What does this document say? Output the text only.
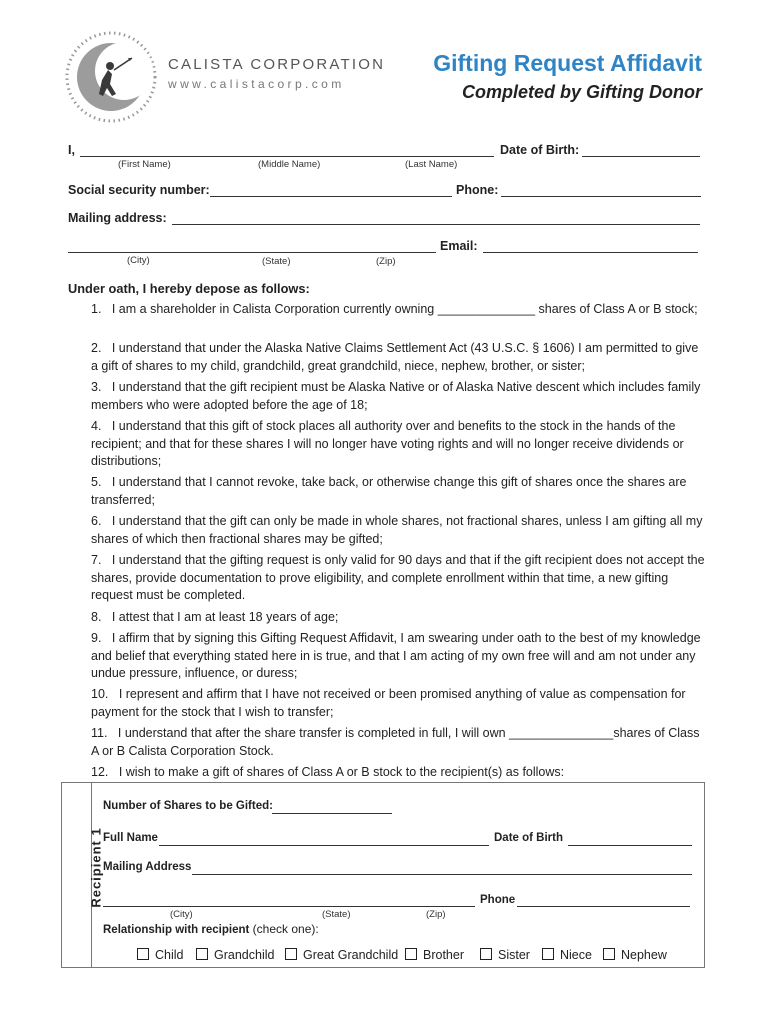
CALISTA CORPORATION
www.calistacorp.com
Gifting Request Affidavit
Completed by Gifting Donor
I,
(First Name)	(Middle Name)	(Last Name)
Date of Birth:
Social security number:	Phone:
Mailing address:
(City)	(State)	(Zip)
Email:
Under oath, I hereby depose as follows:
1. I am a shareholder in Calista Corporation currently owning ______________ shares of Class A or B stock;
2. I understand that under the Alaska Native Claims Settlement Act (43 U.S.C. § 1606) I am permitted to give a gift of shares to my child, grandchild, great grandchild, niece, nephew, brother, or sister;
3. I understand that the gift recipient must be Alaska Native or of Alaska Native descent which includes family members who were adopted before the age of 18;
4. I understand that this gift of stock places all authority over and benefits to the stock in the hands of the recipient; and that for these shares I will no longer have voting rights and will no longer receive dividends or distributions;
5. I understand that I cannot revoke, take back, or otherwise change this gift of shares once the shares are transferred;
6. I understand that the gift can only be made in whole shares, not fractional shares, unless I am gifting all my shares of which then fractional shares may be gifted;
7. I understand that the gifting request is only valid for 90 days and that if the gift recipient does not accept the shares, provide documentation to prove eligibility, and complete enrollment within that time, a new gifting request must be completed.
8. I attest that I am at least 18 years of age;
9. I affirm that by signing this Gifting Request Affidavit, I am swearing under oath to the best of my knowledge and belief that everything stated here in is true, and that I am acting of my own free will and am not under any undue pressure, influence, or duress;
10. I represent and affirm that I have not received or been promised anything of value as compensation for payment for the stock that I wish to transfer;
11. I understand that after the share transfer is completed in full, I will own _______________shares of Class A or B Calista Corporation Stock.
12. I wish to make a gift of shares of Class A or B stock to the recipient(s) as follows:
Recipient 1
Number of Shares to be Gifted:
Full Name	Date of Birth
Mailing Address
(City)	(State)	(Zip)
Phone
Relationship with recipient (check one):
Child	Grandchild	Great Grandchild	Brother	Sister	Niece	Nephew
